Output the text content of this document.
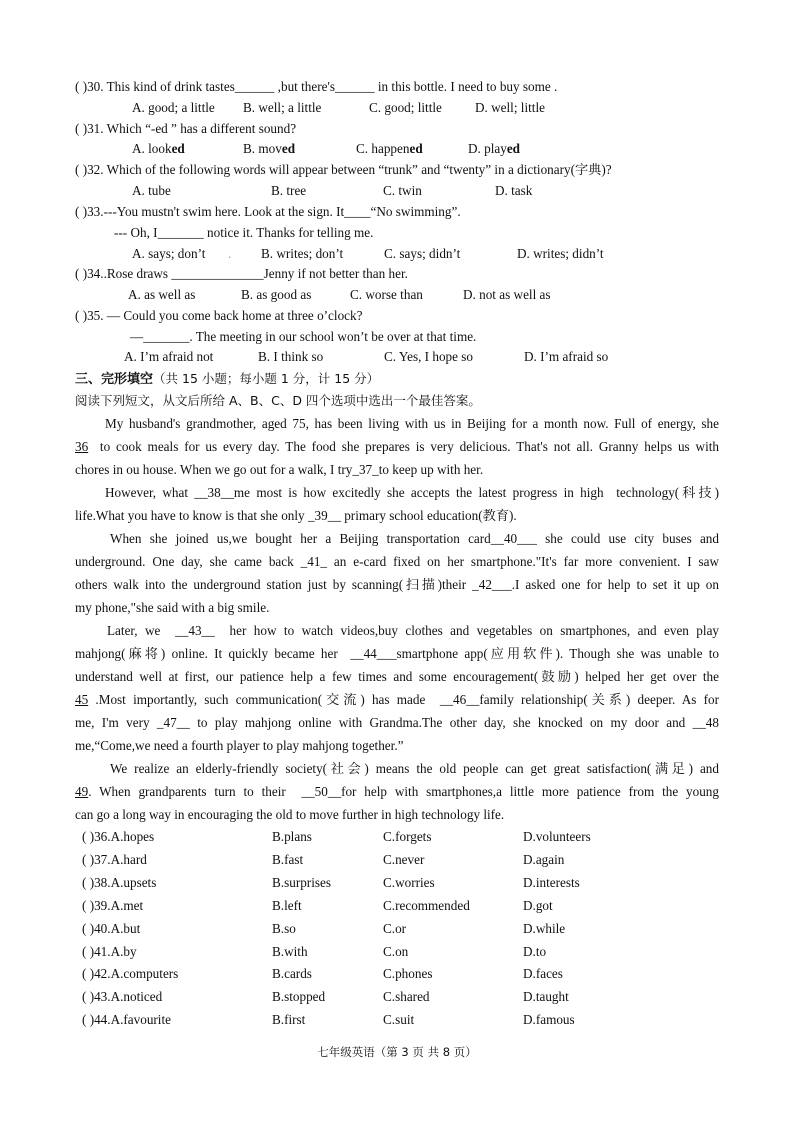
( )30. This kind of drink tastes______ ,but there's______ in this bottle. I need to buy some .
A. good; a little B. well; a little	C. good; little	D. well; little
( )31. Which “-ed ” has a different sound?
A. looked	B. moved	C. happened	D. played
( )32. Which of the following words will appear between “trunk” and “twenty” in a dictionary(字典)?
A. tube	B. tree	C. twin	D. task
( )33.---You mustn't swim here. Look at the sign. It____“No swimming”.
--- Oh, I_______ notice it. Thanks for telling me.
A. says; don’t . B. writes; don’t	C. says; didn’t	D. writes; didn’t
( )34..Rose draws ______________Jenny if not better than her.
A. as well as	B. as good as	C. worse than	D. not as well as
( )35. — Could you come back home at three o’clock?
—_______. The meeting in our school won’t be over at that time.
A. I’m afraid not	B. I think so	C. Yes, I hope so	D. I’m afraid so
三、完形填空（共 15 小题；每小题 1 分，计 15 分）
阅读下列短文，从文后所给 A、B、C、D 四个选项中选出一个最佳答案。
My husband's grandmother, aged 75, has been living with us in Beijing for a month now. Full of energy, she
36  to cook meals for us every day. The food she prepares is very delicious. That's not all. Granny helps us with
chores in ou house. When we go out for a walk, I try_37_to keep up with her.
However, what __38__me most is how excitedly she accepts the latest progress in high  technology(科技)
life.What you have to know is that she only _39__ primary school education(教育).
When she joined us,we bought her a Beijing transportation card__40___ she could use city buses and
underground. One day, she came back _41_ an e-card fixed on her smartphone."It's far more convenient. I saw
others walk into the underground station just by scanning(扫描)their _42___.I asked one for help to set it up on
my phone,"she said with a big smile.
Later, we  __43__  her how to watch videos,buy clothes and vegetables on smartphones, and even play
mahjong(麻将) online. It quickly became her  __44___smartphone app(应用软件). Though she was unable to
understand well at first, our patience help a few times and some encouragement(鼓励) helped her get over the
45 .Most importantly, such communication(交流) has made  __46__family relationship(关系) deeper. As for
me, I'm very _47__ to play mahjong online with Grandma.The other day, she knocked on my door and __48
me,“Come,we need a fourth player to play mahjong together.”
We realize an elderly-friendly society(社会) means the old people can get great satisfaction(满足) and
49. When grandparents turn to their  __50__for help with smartphones,a little more patience from the young
can go a long way in encouraging the old to move further in high technology life.
( )36.A.hopes	B.plans	C.forgets	D.volunteers
( )37.A.hard	B.fast	C.never	D.again
( )38.A.upsets	B.surprises	C.worries	D.interests
( )39.A.met	B.left	C.recommended	D.got
( )40.A.but	B.so	C.or	D.while
( )41.A.by	B.with	C.on	D.to
( )42.A.computers	B.cards	C.phones	D.faces
( )43.A.noticed	B.stopped	C.shared	D.taught
( )44.A.favourite	B.first	C.suit	D.famous
七年级英语（第 3 页 共 8 页）
